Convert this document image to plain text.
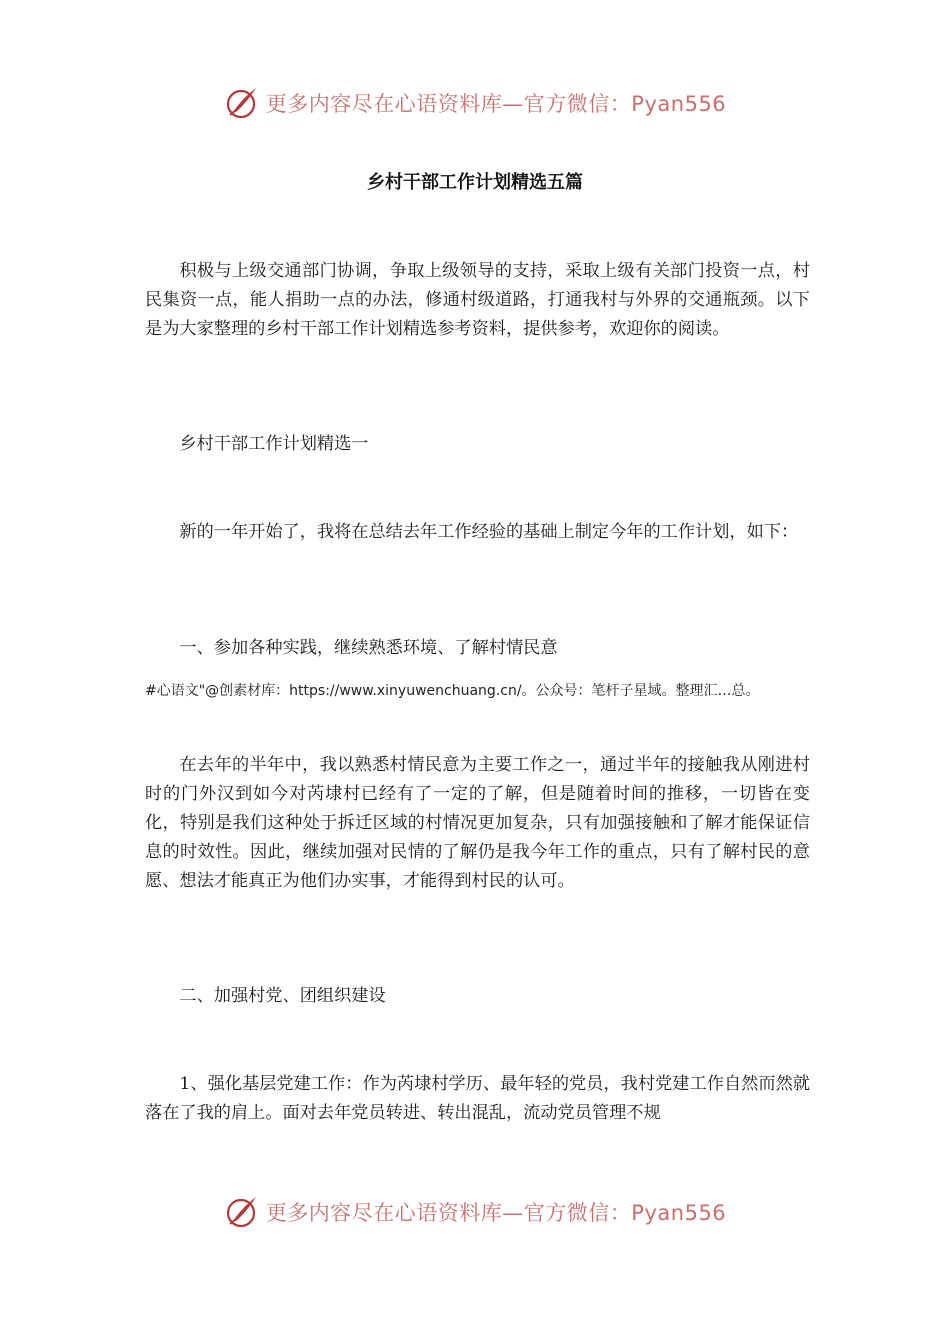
更多内容尽在心语资料库—官方微信：Pyan556
乡村干部工作计划精选五篇

积极与上级交通部门协调，争取上级领导的支持，采取上级有关部门投资一点，村民集资一点，能人捐助一点的办法，修通村级道路，打通我村与外界的交通瓶颈。以下是为大家整理的乡村干部工作计划精选参考资料，提供参考，欢迎你的阅读。

乡村干部工作计划精选一

新的一年开始了，我将在总结去年工作经验的基础上制定今年的工作计划，如下：

一、参加各种实践，继续熟悉环境、了解村情民意

#心语文"@创素材库：https://www.xinyuwenchuang.cn/。公众号：笔杆子星域。整理汇…总。

在去年的半年中，我以熟悉村情民意为主要工作之一，通过半年的接触我从刚进村时的门外汉到如今对芮埭村已经有了一定的了解，但是随着时间的推移，一切皆在变化，特别是我们这种处于拆迁区域的村情况更加复杂，只有加强接触和了解才能保证信息的时效性。因此，继续加强对民情的了解仍是我今年工作的重点，只有了解村民的意愿、想法才能真正为他们办实事，才能得到村民的认可。

二、加强村党、团组织建设

1、强化基层党建工作：作为芮埭村学历、最年轻的党员，我村党建工作自然而然就落在了我的肩上。面对去年党员转进、转出混乱，流动党员管理不规

更多内容尽在心语资料库—官方微信：Pyan556
